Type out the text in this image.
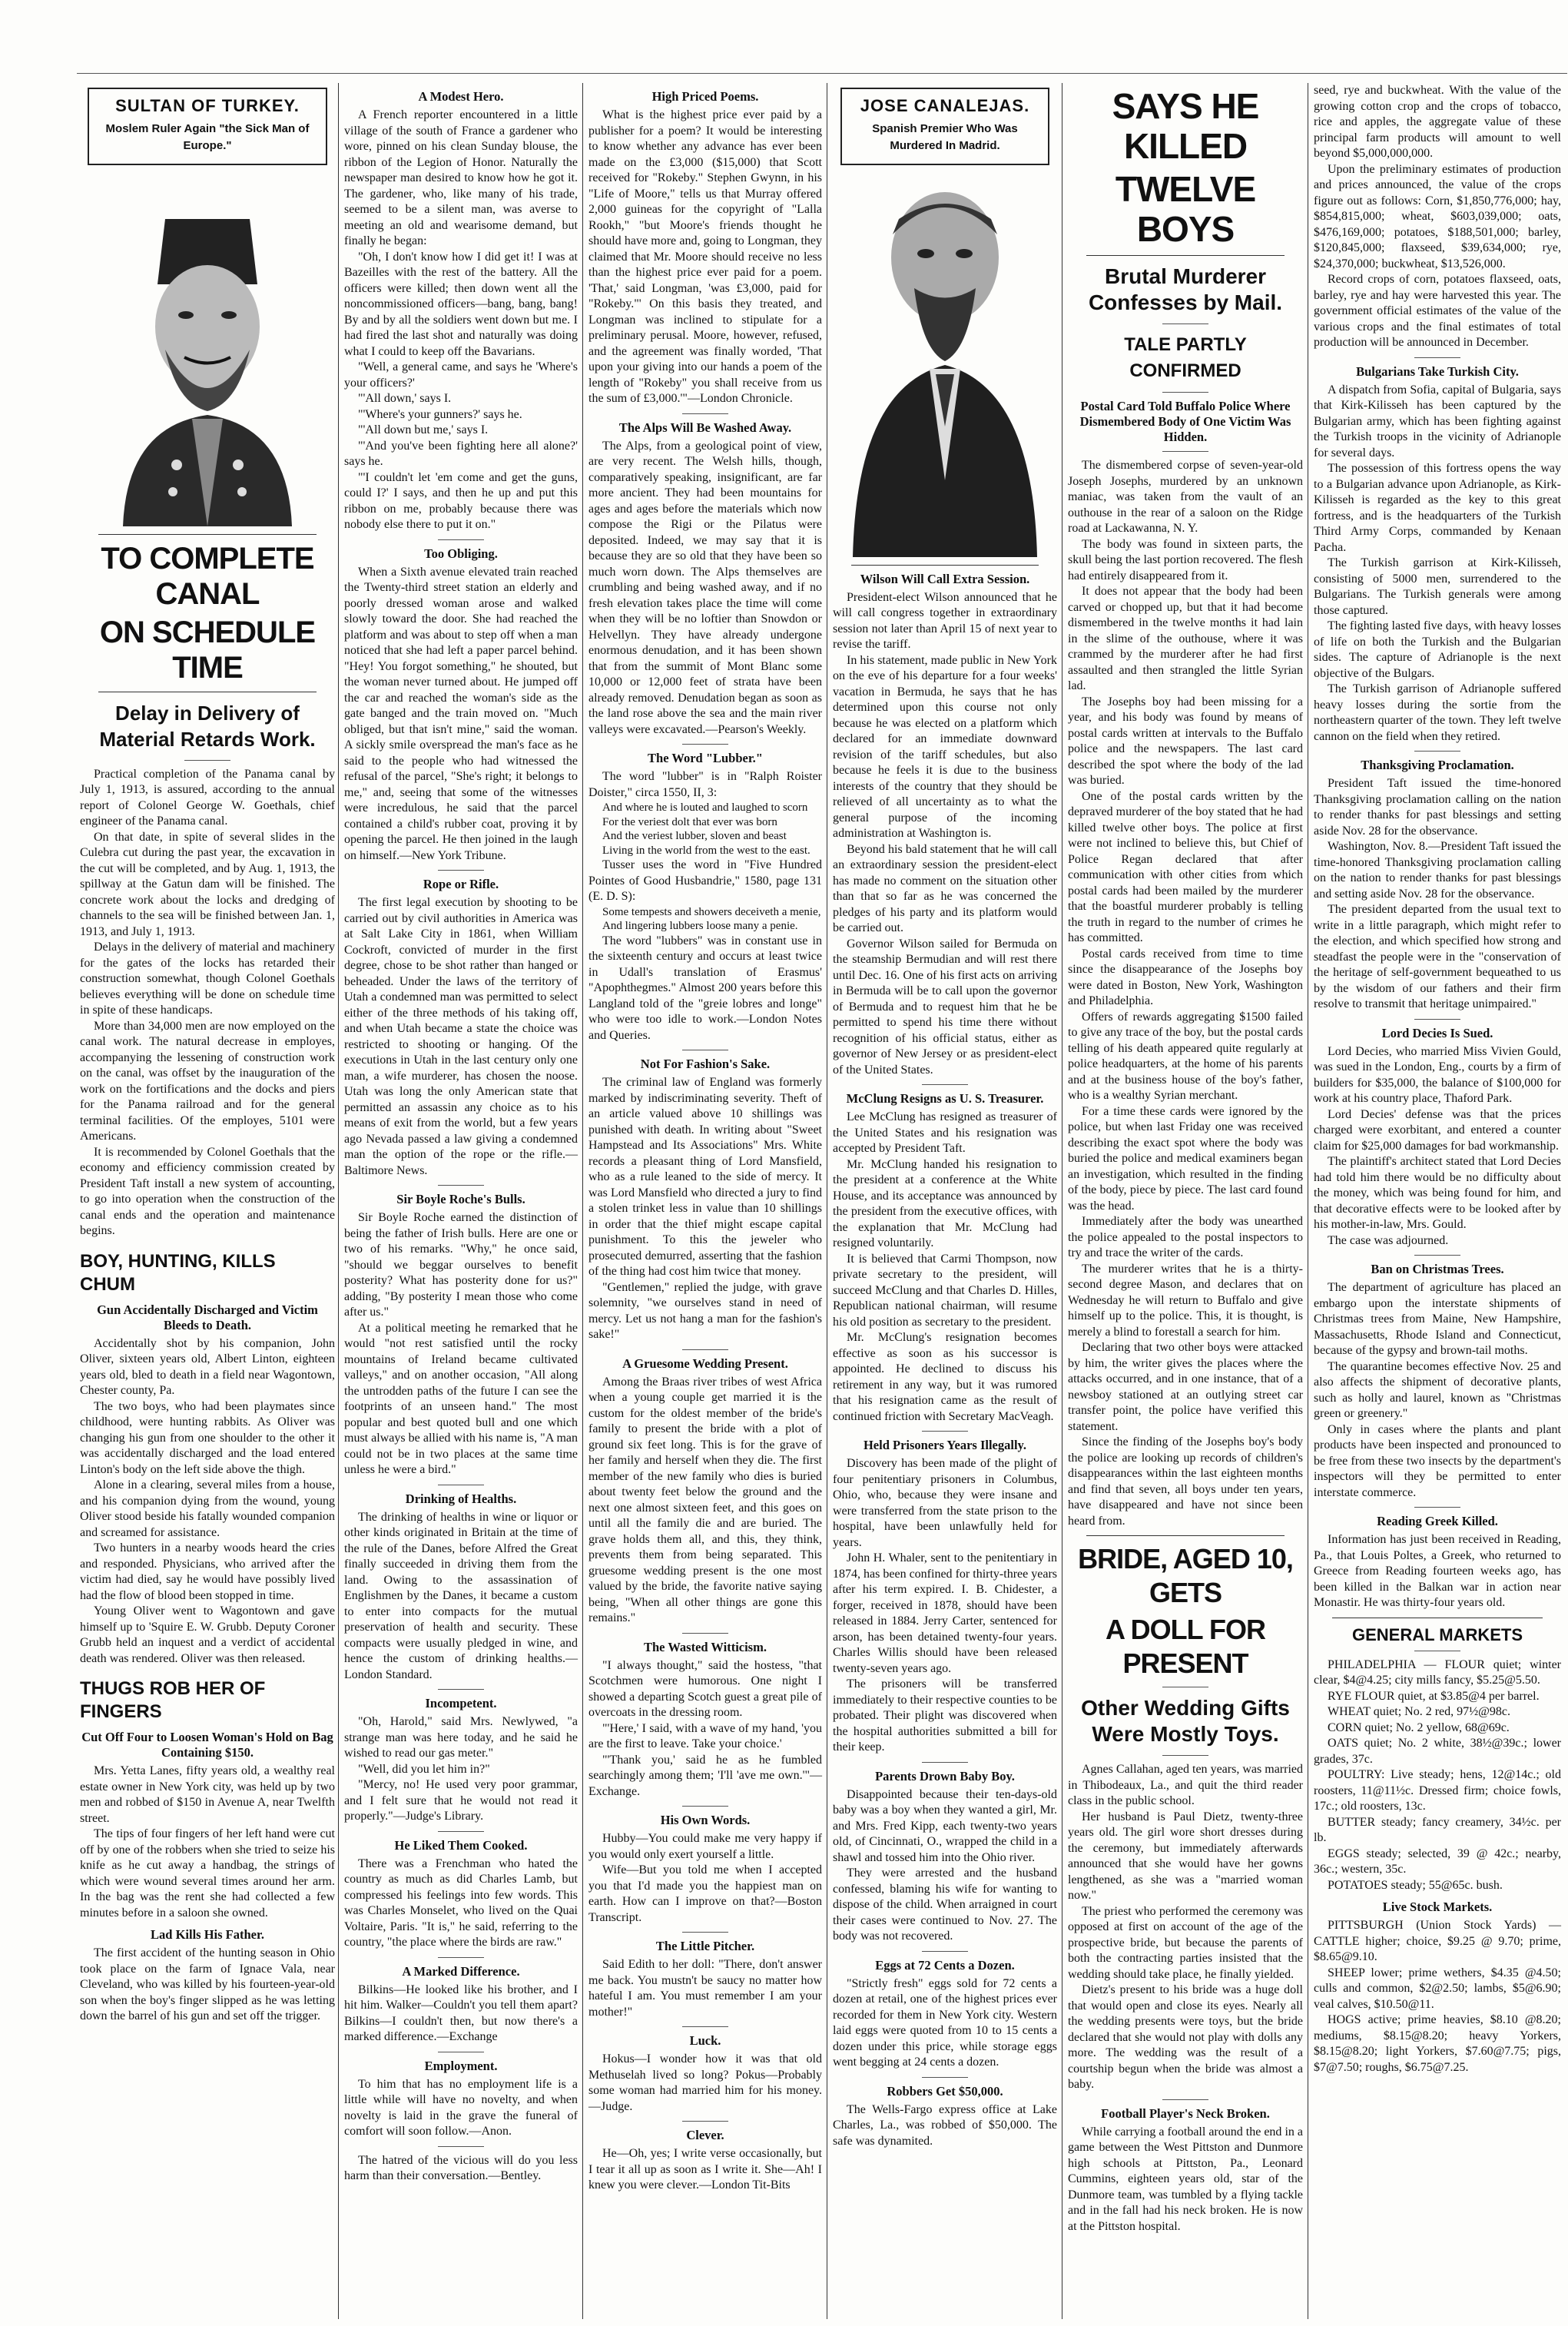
SULTAN OF TURKEY.
Moslem Ruler Again "the Sick Man of Europe."
TO COMPLETE CANAL
ON SCHEDULE TIME
Delay in Delivery of Material Retards Work.

Practical completion of the Panama canal by July 1, 1913, is assured, according to the annual report of Colonel George W. Goethals, chief engineer of the Panama canal.

On that date, in spite of several slides in the Culebra cut during the past year, the excavation in the cut will be completed, and by Aug. 1, 1913, the spillway at the Gatun dam will be finished. The concrete work about the locks and dredging of channels to the sea will be finished between Jan. 1, 1913, and July 1, 1913.

Delays in the delivery of material and machinery for the gates of the locks has retarded their construction somewhat, though Colonel Goethals believes everything will be done on schedule time in spite of these handicaps.

More than 34,000 men are now employed on the canal work. The natural decrease in employes, accompanying the lessening of construction work on the canal, was offset by the inauguration of the work on the fortifications and the docks and piers for the Panama railroad and for the general terminal facilities. Of the employes, 5101 were Americans.

It is recommended by Colonel Goethals that the economy and efficiency commission created by President Taft install a new system of accounting, to go into operation when the construction of the canal ends and the operation and maintenance begins.

BOY, HUNTING, KILLS CHUM
Gun Accidentally Discharged and Victim Bleeds to Death.

Accidentally shot by his companion, John Oliver, sixteen years old, Albert Linton, eighteen years old, bled to death in a field near Wagontown, Chester county, Pa.

The two boys, who had been playmates since childhood, were hunting rabbits. As Oliver was changing his gun from one shoulder to the other it was accidentally discharged and the load entered Linton's body on the left side above the thigh.

Alone in a clearing, several miles from a house, and his companion dying from the wound, young Oliver stood beside his fatally wounded companion and screamed for assistance.

Two hunters in a nearby woods heard the cries and responded. Physicians, who arrived after the victim had died, say he would have possibly lived had the flow of blood been stopped in time.

Young Oliver went to Wagontown and gave himself up to 'Squire E. W. Grubb. Deputy Coroner Grubb held an inquest and a verdict of accidental death was rendered. Oliver was then released.

THUGS ROB HER OF FINGERS
Cut Off Four to Loosen Woman's Hold on Bag Containing $150.

Mrs. Yetta Lanes, fifty years old, a wealthy real estate owner in New York city, was held up by two men and robbed of $150 in Avenue A, near Twelfth street.

The tips of four fingers of her left hand were cut off by one of the robbers when she tried to seize his knife as he cut away a handbag, the strings of which were wound several times around her arm. In the bag was the rent she had collected a few minutes before in a saloon she owned.

Lad Kills His Father.

The first accident of the hunting season in Ohio took place on the farm of Ignace Vala, near Cleveland, who was killed by his fourteen-year-old son when the boy's finger slipped as he was letting down the barrel of his gun and set off the trigger.

A Modest Hero.

A French reporter encountered in a little village of the south of France a gardener who wore, pinned on his clean Sunday blouse, the ribbon of the Legion of Honor. Naturally the newspaper man desired to know how he got it. The gardener, who, like many of his trade, seemed to be a silent man, was averse to meeting an old and wearisome demand, but finally he began:

"Oh, I don't know how I did get it! I was at Bazeilles with the rest of the battery. All the officers were killed; then down went all the noncommissioned officers—bang, bang, bang! By and by all the soldiers went down but me. I had fired the last shot and naturally was doing what I could to keep off the Bavarians.

"Well, a general came, and says he 'Where's your officers?'

"'All down,' says I.

"'Where's your gunners?' says he.

"'All down but me,' says I.

"'And you've been fighting here all alone?' says he.

"'I couldn't let 'em come and get the guns, could I?' I says, and then he up and put this ribbon on me, probably because there was nobody else there to put it on."

Too Obliging.

When a Sixth avenue elevated train reached the Twenty-third street station an elderly and poorly dressed woman arose and walked slowly toward the door. She had reached the platform and was about to step off when a man noticed that she had left a paper parcel behind. "Hey! You forgot something," he shouted, but the woman never turned about. He jumped off the car and reached the woman's side as the gate banged and the train moved on. "Much obliged, but that isn't mine," said the woman. A sickly smile overspread the man's face as he said to the people who had witnessed the refusal of the parcel, "She's right; it belongs to me," and, seeing that some of the witnesses were incredulous, he said that the parcel contained a child's rubber coat, proving it by opening the parcel. He then joined in the laugh on himself.—New York Tribune.

Rope or Rifle.

The first legal execution by shooting to be carried out by civil authorities in America was at Salt Lake City in 1861, when William Cockroft, convicted of murder in the first degree, chose to be shot rather than hanged or beheaded. Under the laws of the territory of Utah a condemned man was permitted to select either of the three methods of his taking off, and when Utah became a state the choice was restricted to shooting or hanging. Of the executions in Utah in the last century only one man, a wife murderer, has chosen the noose. Utah was long the only American state that permitted an assassin any choice as to his means of exit from the world, but a few years ago Nevada passed a law giving a condemned man the option of the rope or the rifle.—Baltimore News.

Sir Boyle Roche's Bulls.

Sir Boyle Roche earned the distinction of being the father of Irish bulls. Here are one or two of his remarks. "Why," he once said, "should we beggar ourselves to benefit posterity? What has posterity done for us?" adding, "By posterity I mean those who come after us."

At a political meeting he remarked that he would "not rest satisfied until the rocky mountains of Ireland became cultivated valleys," and on another occasion, "All along the untrodden paths of the future I can see the footprints of an unseen hand." The most popular and best quoted bull and one which must always be allied with his name is, "A man could not be in two places at the same time unless he were a bird."

Drinking of Healths.

The drinking of healths in wine or liquor or other kinds originated in Britain at the time of the rule of the Danes, before Alfred the Great finally succeeded in driving them from the land. Owing to the assassination of Englishmen by the Danes, it became a custom to enter into compacts for the mutual preservation of health and security. These compacts were usually pledged in wine, and hence the custom of drinking healths.—London Standard.

Incompetent.

"Oh, Harold," said Mrs. Newlywed, "a strange man was here today, and he said he wished to read our gas meter."

"Well, did you let him in?"

"Mercy, no! He used very poor grammar, and I felt sure that he would not read it properly."—Judge's Library.

He Liked Them Cooked.

There was a Frenchman who hated the country as much as did Charles Lamb, but compressed his feelings into few words. This was Charles Monselet, who lived on the Quai Voltaire, Paris. "It is," he said, referring to the country, "the place where the birds are raw."

A Marked Difference.

Bilkins—He looked like his brother, and I hit him. Walker—Couldn't you tell them apart? Bilkins—I couldn't then, but now there's a marked difference.—Exchange

Employment.

To him that has no employment life is a little while will have no novelty, and when novelty is laid in the grave the funeral of comfort will soon follow.—Anon.

The hatred of the vicious will do you less harm than their conversation.—Bentley.

High Priced Poems.

What is the highest price ever paid by a publisher for a poem? It would be interesting to know whether any advance has ever been made on the £3,000 ($15,000) that Scott received for "Rokeby." Stephen Gwynn, in his "Life of Moore," tells us that Murray offered 2,000 guineas for the copyright of "Lalla Rookh," "but Moore's friends thought he should have more and, going to Longman, they claimed that Mr. Moore should receive no less than the highest price ever paid for a poem. 'That,' said Longman, 'was £3,000, paid for "Rokeby."' On this basis they treated, and Longman was inclined to stipulate for a preliminary perusal. Moore, however, refused, and the agreement was finally worded, 'That upon your giving into our hands a poem of the length of "Rokeby" you shall receive from us the sum of £3,000.'"—London Chronicle.

The Alps Will Be Washed Away.

The Alps, from a geological point of view, are very recent. The Welsh hills, though, comparatively speaking, insignificant, are far more ancient. They had been mountains for ages and ages before the materials which now compose the Rigi or the Pilatus were deposited. Indeed, we may say that it is because they are so old that they have been so much worn down. The Alps themselves are crumbling and being washed away, and if no fresh elevation takes place the time will come when they will be no loftier than Snowdon or Helvellyn. They have already undergone enormous denudation, and it has been shown that from the summit of Mont Blanc some 10,000 or 12,000 feet of strata have been already removed. Denudation began as soon as the land rose above the sea and the main river valleys were excavated.—Pearson's Weekly.

The Word "Lubber."

The word "lubber" is in "Ralph Roister Doister," circa 1550, II, 3:

And where he is louted and laughed to scorn

For the veriest dolt that ever was born

And the veriest lubber, sloven and beast

Living in the world from the west to the east.

Tusser uses the word in "Five Hundred Pointes of Good Husbandrie," 1580, page 131 (E. D. S):

Some tempests and showers deceiveth a menie,

And lingering lubbers loose many a penie.

The word "lubbers" was in constant use in the sixteenth century and occurs at least twice in Udall's translation of Erasmus' "Apophthegmes." Almost 200 years before this Langland told of the "greie lobres and longe" who were too idle to work.—London Notes and Queries.

Not For Fashion's Sake.

The criminal law of England was formerly marked by indiscriminating severity. Theft of an article valued above 10 shillings was punished with death. In writing about "Sweet Hampstead and Its Associations" Mrs. White records a pleasant thing of Lord Mansfield, who as a rule leaned to the side of mercy. It was Lord Mansfield who directed a jury to find a stolen trinket less in value than 10 shillings in order that the thief might escape capital punishment. To this the jeweler who prosecuted demurred, asserting that the fashion of the thing had cost him twice that money.

"Gentlemen," replied the judge, with grave solemnity, "we ourselves stand in need of mercy. Let us not hang a man for the fashion's sake!"

A Gruesome Wedding Present.

Among the Braas river tribes of west Africa when a young couple get married it is the custom for the oldest member of the bride's family to present the bride with a plot of ground six feet long. This is for the grave of her family and herself when they die. The first member of the new family who dies is buried about twenty feet below the ground and the next one almost sixteen feet, and this goes on until all the family die and are buried. The grave holds them all, and this, they think, prevents them from being separated. This gruesome wedding present is the one most valued by the bride, the favorite native saying being, "When all other things are gone this remains."

The Wasted Witticism.

"I always thought," said the hostess, "that Scotchmen were humorous. One night I showed a departing Scotch guest a great pile of overcoats in the dressing room.

"'Here,' I said, with a wave of my hand, 'you are the first to leave. Take your choice.'

"'Thank you,' said he as he fumbled searchingly among them; 'I'll 'ave me own.'"—Exchange.

His Own Words.

Hubby—You could make me very happy if you would only exert yourself a little.

Wife—But you told me when I accepted you that I'd made you the happiest man on earth. How can I improve on that?—Boston Transcript.

The Little Pitcher.

Said Edith to her doll: "There, don't answer me back. You mustn't be saucy no matter how hateful I am. You must remember I am your mother!"

Luck.

Hokus—I wonder how it was that old Methuselah lived so long? Pokus—Probably some woman had married him for his money.—Judge.

Clever.

He—Oh, yes; I write verse occasionally, but I tear it all up as soon as I write it. She—Ah! I knew you were clever.—London Tit-Bits

JOSE CANALEJAS.
Spanish Premier Who Was Murdered In Madrid.
Wilson Will Call Extra Session.

President-elect Wilson announced that he will call congress together in extraordinary session not later than April 15 of next year to revise the tariff.

In his statement, made public in New York on the eve of his departure for a four weeks' vacation in Bermuda, he says that he has determined upon this course not only because he was elected on a platform which declared for an immediate downward revision of the tariff schedules, but also because he feels it is due to the business interests of the country that they should be relieved of all uncertainty as to what the general purpose of the incoming administration at Washington is.

Beyond his bald statement that he will call an extraordinary session the president-elect has made no comment on the situation other than that so far as he was concerned the pledges of his party and its platform would be carried out.

Governor Wilson sailed for Bermuda on the steamship Bermudian and will rest there until Dec. 16. One of his first acts on arriving in Bermuda will be to call upon the governor of Bermuda and to request him that he be permitted to spend his time there without recognition of his official status, either as governor of New Jersey or as president-elect of the United States.

McClung Resigns as U. S. Treasurer.

Lee McClung has resigned as treasurer of the United States and his resignation was accepted by President Taft.

Mr. McClung handed his resignation to the president at a conference at the White House, and its acceptance was announced by the president from the executive offices, with the explanation that Mr. McClung had resigned voluntarily.

It is believed that Carmi Thompson, now private secretary to the president, will succeed McClung and that Charles D. Hilles, Republican national chairman, will resume his old position as secretary to the president.

Mr. McClung's resignation becomes effective as soon as his successor is appointed. He declined to discuss his retirement in any way, but it was rumored that his resignation came as the result of continued friction with Secretary MacVeagh.

Held Prisoners Years Illegally.

Discovery has been made of the plight of four penitentiary prisoners in Columbus, Ohio, who, because they were insane and were transferred from the state prison to the hospital, have been unlawfully held for years.

John H. Whaler, sent to the penitentiary in 1874, has been confined for thirty-three years after his term expired. I. B. Chidester, a forger, received in 1878, should have been released in 1884. Jerry Carter, sentenced for arson, has been detained twenty-four years. Charles Willis should have been released twenty-seven years ago.

The prisoners will be transferred immediately to their respective counties to be probated. Their plight was discovered when the hospital authorities submitted a bill for their keep.

Parents Drown Baby Boy.

Disappointed because their ten-days-old baby was a boy when they wanted a girl, Mr. and Mrs. Fred Kipp, each twenty-two years old, of Cincinnati, O., wrapped the child in a shawl and tossed him into the Ohio river.

They were arrested and the husband confessed, blaming his wife for wanting to dispose of the child. When arraigned in court their cases were continued to Nov. 27. The body was not recovered.

Eggs at 72 Cents a Dozen.

"Strictly fresh" eggs sold for 72 cents a dozen at retail, one of the highest prices ever recorded for them in New York city. Western laid eggs were quoted from 10 to 15 cents a dozen under this price, while storage eggs went begging at 24 cents a dozen.

Robbers Get $50,000.

The Wells-Fargo express office at Lake Charles, La., was robbed of $50,000. The safe was dynamited.

SAYS HE KILLED
TWELVE BOYS
Brutal Murderer Confesses by Mail.
TALE PARTLY CONFIRMED
Postal Card Told Buffalo Police Where Dismembered Body of One Victim Was Hidden.

The dismembered corpse of seven-year-old Joseph Josephs, murdered by an unknown maniac, was taken from the vault of an outhouse in the rear of a saloon on the Ridge road at Lackawanna, N. Y.

The body was found in sixteen parts, the skull being the last portion recovered. The flesh had entirely disappeared from it.

It does not appear that the body had been carved or chopped up, but that it had become dismembered in the twelve months it had lain in the slime of the outhouse, where it was crammed by the murderer after he had first assaulted and then strangled the little Syrian lad.

The Josephs boy had been missing for a year, and his body was found by means of postal cards written at intervals to the Buffalo police and the newspapers. The last card described the spot where the body of the lad was buried.

One of the postal cards written by the depraved murderer of the boy stated that he had killed twelve other boys. The police at first were not inclined to believe this, but Chief of Police Regan declared that after communication with other cities from which postal cards had been mailed by the murderer that the boastful murderer probably is telling the truth in regard to the number of crimes he has committed.

Postal cards received from time to time since the disappearance of the Josephs boy were dated in Boston, New York, Washington and Philadelphia.

Offers of rewards aggregating $1500 failed to give any trace of the boy, but the postal cards telling of his death appeared quite regularly at police headquarters, at the home of his parents and at the business house of the boy's father, who is a wealthy Syrian merchant.

For a time these cards were ignored by the police, but when last Friday one was received describing the exact spot where the body was buried the police and medical examiners began an investigation, which resulted in the finding of the body, piece by piece. The last card found was the head.

Immediately after the body was unearthed the police appealed to the postal inspectors to try and trace the writer of the cards.

The murderer writes that he is a thirty-second degree Mason, and declares that on Wednesday he will return to Buffalo and give himself up to the police. This, it is thought, is merely a blind to forestall a search for him.

Declaring that two other boys were attacked by him, the writer gives the places where the attacks occurred, and in one instance, that of a newsboy stationed at an outlying street car transfer point, the police have verified this statement.

Since the finding of the Josephs boy's body the police are looking up records of children's disappearances within the last eighteen months and find that seven, all boys under ten years, have disappeared and have not since been heard from.

BRIDE, AGED 10, GETS
A DOLL FOR PRESENT
Other Wedding Gifts Were Mostly Toys.

Agnes Callahan, aged ten years, was married in Thibodeaux, La., and quit the third reader class in the public school.

Her husband is Paul Dietz, twenty-three years old. The girl wore short dresses during the ceremony, but immediately afterwards announced that she would have her gowns lengthened, as she was a "married woman now."

The priest who performed the ceremony was opposed at first on account of the age of the prospective bride, but because the parents of both the contracting parties insisted that the wedding should take place, he finally yielded.

Dietz's present to his bride was a huge doll that would open and close its eyes. Nearly all the wedding presents were toys, but the bride declared that she would not play with dolls any more. The wedding was the result of a courtship begun when the bride was almost a baby.

Football Player's Neck Broken.

While carrying a football around the end in a game between the West Pittston and Dunmore high schools at Pittston, Pa., Leonard Cummins, eighteen years old, star of the Dunmore team, was tumbled by a flying tackle and in the fall had his neck broken. He is now at the Pittston hospital.

seed, rye and buckwheat. With the value of the growing cotton crop and the crops of tobacco, rice and apples, the aggregate value of these principal farm products will amount to well beyond $5,000,000,000.

Upon the preliminary estimates of production and prices announced, the value of the crops figure out as follows: Corn, $1,850,776,000; hay, $854,815,000; wheat, $603,039,000; oats, $476,169,000; potatoes, $188,501,000; barley, $120,845,000; flaxseed, $39,634,000; rye, $24,370,000; buckwheat, $13,526,000.

Record crops of corn, potatoes flaxseed, oats, barley, rye and hay were harvested this year. The government official estimates of the value of the various crops and the final estimates of total production will be announced in December.

Bulgarians Take Turkish City.

A dispatch from Sofia, capital of Bulgaria, says that Kirk-Kilisseh has been captured by the Bulgarian army, which has been fighting against the Turkish troops in the vicinity of Adrianople for several days.

The possession of this fortress opens the way to a Bulgarian advance upon Adrianople, as Kirk-Kilisseh is regarded as the key to this great fortress, and is the headquarters of the Turkish Third Army Corps, commanded by Kenaan Pacha.

The Turkish garrison at Kirk-Kilisseh, consisting of 5000 men, surrendered to the Bulgarians. The Turkish generals were among those captured.

The fighting lasted five days, with heavy losses of life on both the Turkish and the Bulgarian sides. The capture of Adrianople is the next objective of the Bulgars.

The Turkish garrison of Adrianople suffered heavy losses during the sortie from the northeastern quarter of the town. They left twelve cannon on the field when they retired.

Thanksgiving Proclamation.

President Taft issued the time-honored Thanksgiving proclamation calling on the nation to render thanks for past blessings and setting aside Nov. 28 for the observance.

Washington, Nov. 8.—President Taft issued the time-honored Thanksgiving proclamation calling on the nation to render thanks for past blessings and setting aside Nov. 28 for the observance.

The president departed from the usual text to write in a little paragraph, which might refer to the election, and which specified how strong and steadfast the people were in the "conservation of the heritage of self-government bequeathed to us by the wisdom of our fathers and their firm resolve to transmit that heritage unimpaired."

Lord Decies Is Sued.

Lord Decies, who married Miss Vivien Gould, was sued in the London, Eng., courts by a firm of builders for $35,000, the balance of $100,000 for work at his country place, Thaford Park.

Lord Decies' defense was that the prices charged were exorbitant, and entered a counter claim for $25,000 damages for bad workmanship.

The plaintiff's architect stated that Lord Decies had told him there would be no difficulty about the money, which was being found for him, and that decorative effects were to be looked after by his mother-in-law, Mrs. Gould.

The case was adjourned.

Ban on Christmas Trees.

The department of agriculture has placed an embargo upon the interstate shipments of Christmas trees from Maine, New Hampshire, Massachusetts, Rhode Island and Connecticut, because of the gypsy and brown-tail moths.

The quarantine becomes effective Nov. 25 and also affects the shipment of decorative plants, such as holly and laurel, known as "Christmas green or greenery."

Only in cases where the plants and plant products have been inspected and pronounced to be free from these two insects by the department's inspectors will they be permitted to enter interstate commerce.

Reading Greek Killed.

Information has just been received in Reading, Pa., that Louis Poltes, a Greek, who returned to Greece from Reading fourteen weeks ago, has been killed in the Balkan war in action near Monastir. He was thirty-four years old.

GENERAL MARKETS

PHILADELPHIA — FLOUR quiet; winter clear, $4@4.25; city mills fancy, $5.25@5.50.

RYE FLOUR quiet, at $3.85@4 per barrel.

WHEAT quiet; No. 2 red, 97½@98c.

CORN quiet; No. 2 yellow, 68@69c.

OATS quiet; No. 2 white, 38½@39c.; lower grades, 37c.

POULTRY: Live steady; hens, 12@14c.; old roosters, 11@11½c. Dressed firm; choice fowls, 17c.; old roosters, 13c.

BUTTER steady; fancy creamery, 34½c. per lb.

EGGS steady; selected, 39 @ 42c.; nearby, 36c.; western, 35c.

POTATOES steady; 55@65c. bush.

Live Stock Markets.

PITTSBURGH (Union Stock Yards) — CATTLE higher; choice, $9.25 @ 9.70; prime, $8.65@9.10.

SHEEP lower; prime wethers, $4.35 @4.50; culls and common, $2@2.50; lambs, $5@6.90; veal calves, $10.50@11.

HOGS active; prime heavies, $8.10 @8.20; mediums, $8.15@8.20; heavy Yorkers, $8.15@8.20; light Yorkers, $7.60@7.75; pigs, $7@7.50; roughs, $6.75@7.25.
